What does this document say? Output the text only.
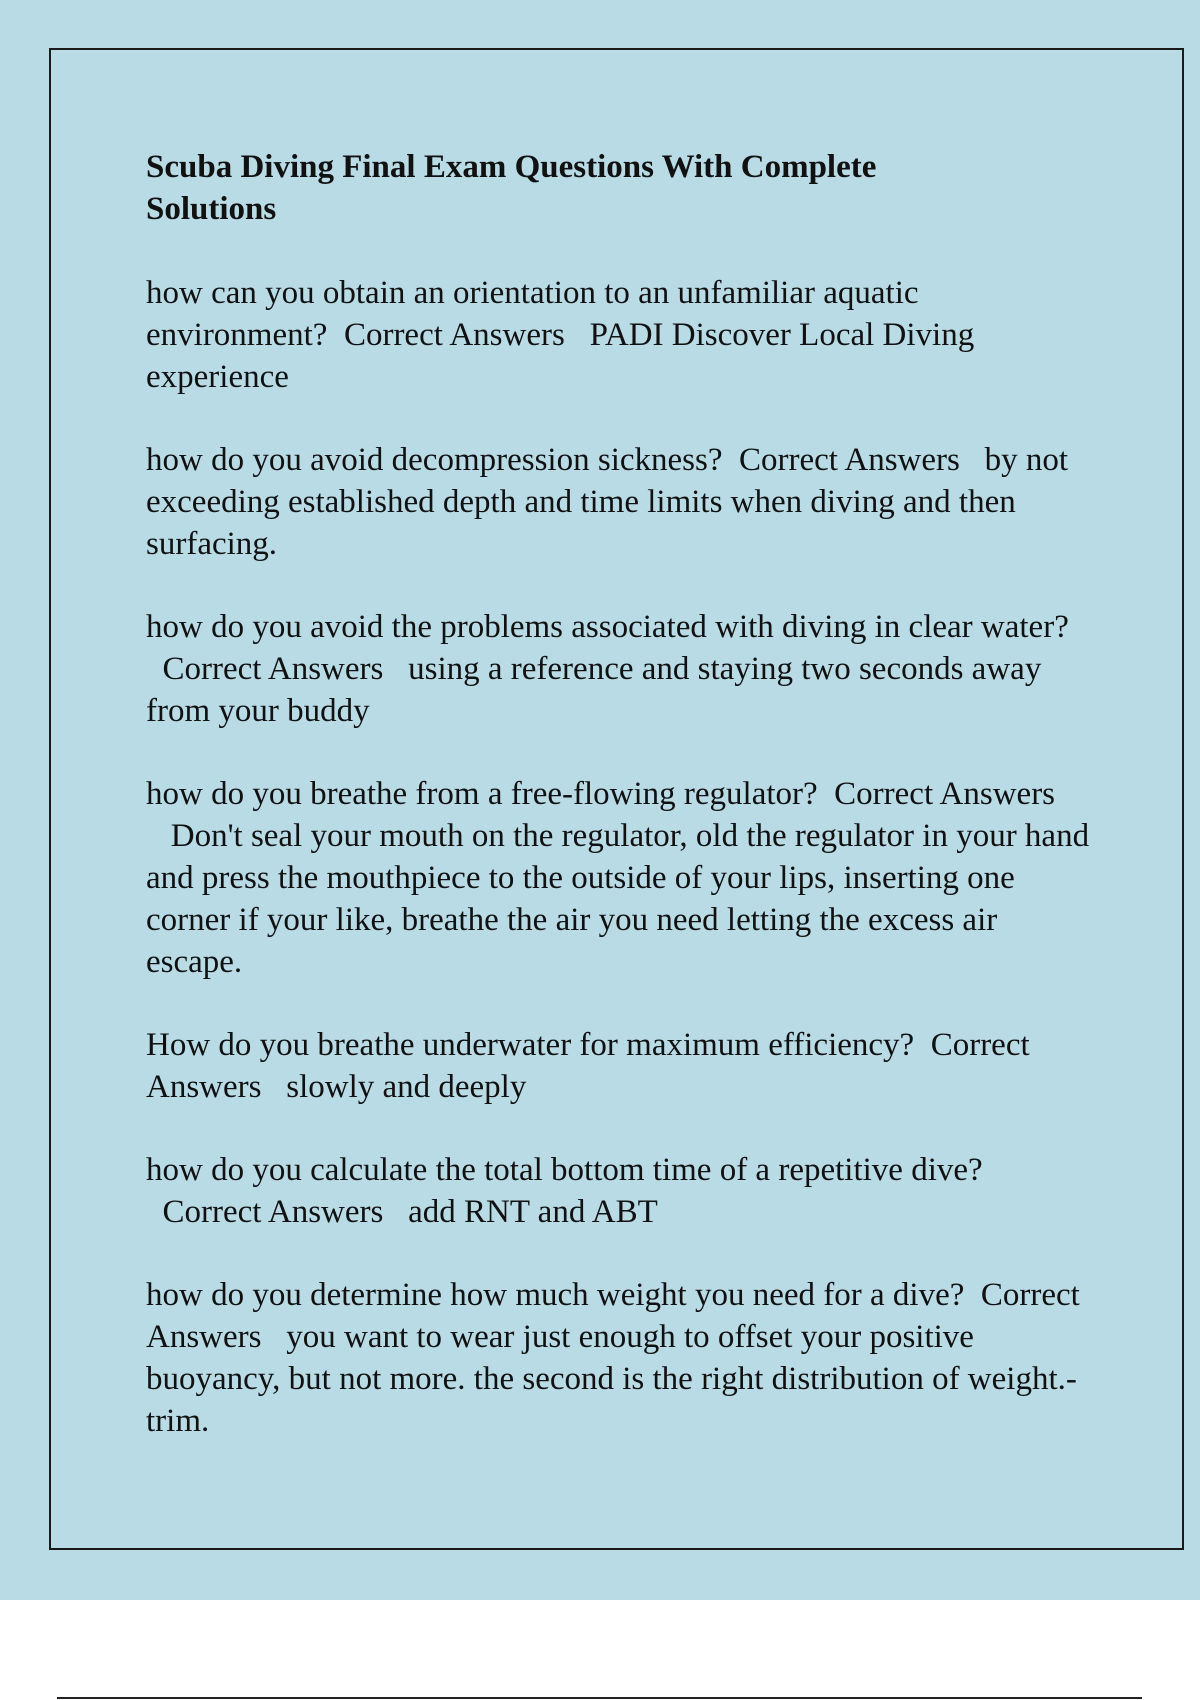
Scuba Diving Final Exam Questions With Complete Solutions
how can you obtain an orientation to an unfamiliar aquatic environment? Correct Answers PADI Discover Local Diving experience
how do you avoid decompression sickness? Correct Answers by not exceeding established depth and time limits when diving and then surfacing.
how do you avoid the problems associated with diving in clear water?  Correct Answers using a reference and staying two seconds away from your buddy
how do you breathe from a free-flowing regulator? Correct Answers   Don't seal your mouth on the regulator, old the regulator in your hand and press the mouthpiece to the outside of your lips, inserting one corner if your like, breathe the air you need letting the excess air escape.
How do you breathe underwater for maximum efficiency? Correct Answers slowly and deeply
how do you calculate the total bottom time of a repetitive dive?  Correct Answers add RNT and ABT
how do you determine how much weight you need for a dive? Correct Answers you want to wear just enough to offset your positive buoyancy, but not more. the second is the right distribution of weight.- trim.
